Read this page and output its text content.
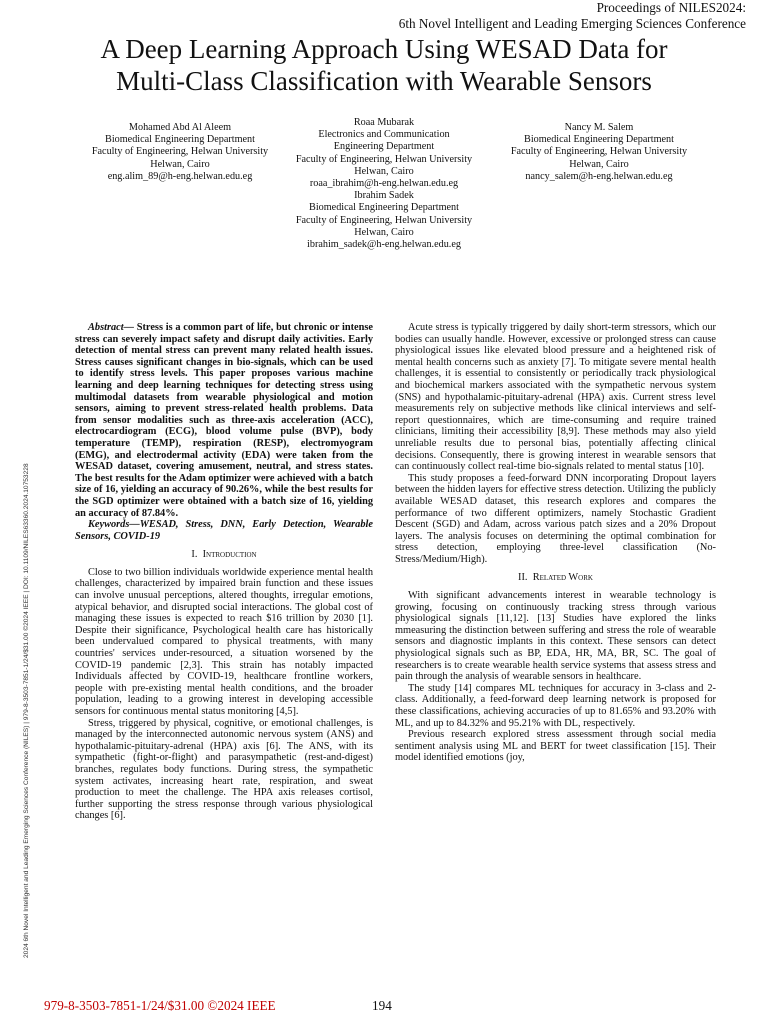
Proceedings of NILES2024:
6th Novel Intelligent and Leading Emerging Sciences Conference
A Deep Learning Approach Using WESAD Data for
Multi-Class Classification with Wearable Sensors
Mohamed Abd Al Aleem
Biomedical Engineering Department
Faculty of Engineering, Helwan University
Helwan, Cairo
eng.alim_89@h-eng.helwan.edu.eg
Roaa Mubarak
Electronics and Communication
Engineering Department
Faculty of Engineering, Helwan University
Helwan, Cairo
roaa_ibrahim@h-eng.helwan.edu.eg
Ibrahim Sadek
Biomedical Engineering Department
Faculty of Engineering, Helwan University
Helwan, Cairo
ibrahim_sadek@h-eng.helwan.edu.eg
Nancy M. Salem
Biomedical Engineering Department
Faculty of Engineering, Helwan University
Helwan, Cairo
nancy_salem@h-eng.helwan.edu.eg
2024 6th Novel Intelligent and Leading Emerging Sciences Conference (NILES) | 979-8-3503-7851-1/24/$31.00 ©2024 IEEE | DOI: 10.1109/NILES63360.2024.10753228

Abstract— Stress is a common part of life, but chronic or intense stress can severely impact safety and disrupt daily activities. Early detection of mental stress can prevent many related health issues. Stress causes significant changes in bio-signals, which can be used to identify stress levels. This paper proposes various machine learning and deep learning techniques for detecting stress using multimodal datasets from wearable physiological and motion sensors, aiming to prevent stress-related health problems. Data from sensor modalities such as three-axis acceleration (ACC), electrocardiogram (ECG), blood volume pulse (BVP), body temperature (TEMP), respiration (RESP), electromyogram (EMG), and electrodermal activity (EDA) were taken from the WESAD dataset, covering amusement, neutral, and stress states. The best results for the Adam optimizer were achieved with a batch size of 16, yielding an accuracy of 90.26%, while the best results for the SGD optimizer were obtained with a batch size of 16, yielding an accuracy of 87.84%.

Keywords—WESAD, Stress, DNN, Early Detection, Wearable Sensors, COVID-19

I. Introduction

Close to two billion individuals worldwide experience mental health challenges, characterized by impaired brain function and these issues can involve unusual perceptions, altered thoughts, irregular emotions, atypical behavior, and disrupted social interactions. The global cost of managing these issues is expected to reach $16 trillion by 2030 [1]. Despite their significance, Psychological health care has historically been undervalued compared to physical treatments, with many countries' services under-resourced, a situation worsened by the COVID-19 pandemic [2,3]. This strain has notably impacted Individuals affected by COVID-19, healthcare frontline workers, people with pre-existing mental health conditions, and the broader population, leading to a growing interest in developing accessible sensors for continuous mental status monitoring [4,5].

Stress, triggered by physical, cognitive, or emotional challenges, is managed by the interconnected autonomic nervous system (ANS) and hypothalamic-pituitary-adrenal (HPA) axis [6]. The ANS, with its sympathetic (fight-or-flight) and parasympathetic (rest-and-digest) branches, regulates body functions. During stress, the sympathetic system activates, increasing heart rate, respiration, and sweat production to meet the challenge. The HPA axis releases cortisol, further supporting the stress response through various physiological changes [6].

Acute stress is typically triggered by daily short-term stressors, which our bodies can usually handle. However, excessive or prolonged stress can cause physiological issues like elevated blood pressure and a heightened risk of mental health concerns such as anxiety [7]. To mitigate severe mental health challenges, it is essential to consistently or periodically track physiological and biochemical markers associated with the sympathetic nervous system (SNS) and hypothalamic-pituitary-adrenal (HPA) axis. Current stress level measurements rely on subjective methods like clinical interviews and self-report questionnaires, which are time-consuming and require trained clinicians, limiting their accessibility [8,9]. These methods may also yield unreliable results due to personal bias, potentially affecting clinical decisions. Consequently, there is growing interest in wearable sensors that can continuously collect real-time bio-signals related to mental status [10].

This study proposes a feed-forward DNN incorporating Dropout layers between the hidden layers for effective stress detection. Utilizing the publicly available WESAD dataset, this research explores and compares the performance of two different optimizers, namely Stochastic Gradient Descent (SGD) and Adam, across various patch sizes and a 20% Dropout layers. The analysis focuses on determining the optimal combination for stress detection, employing three-level classification (No-Stress/Medium/High).

II. Related Work

With significant advancements interest in wearable technology is growing, focusing on continuously tracking stress through various physiological signals [11,12]. [13] Studies have explored the links mmeasuring the distinction between suffering and stress the role of wearable sensors and diagnostic implants in this context. These sensors can detect physiological signals such as BP, EDA, HR, MA, BR, SC. The goal of researchers is to create wearable health service systems that assess stress and pain through the analysis of wearable sensors in healthcare.

The study [14] compares ML techniques for accuracy in 3-class and 2-class. Additionally, a feed-forward deep learning network is proposed for these classifications, achieving accuracies of up to 81.65% and 93.20% with ML, and up to 84.32% and 95.21% with DL, respectively.

Previous research explored stress assessment through social media sentiment analysis using ML and BERT for tweet classification [15]. Their model identified emotions (joy,

979-8-3503-7851-1/24/$31.00 ©2024 IEEE	194
